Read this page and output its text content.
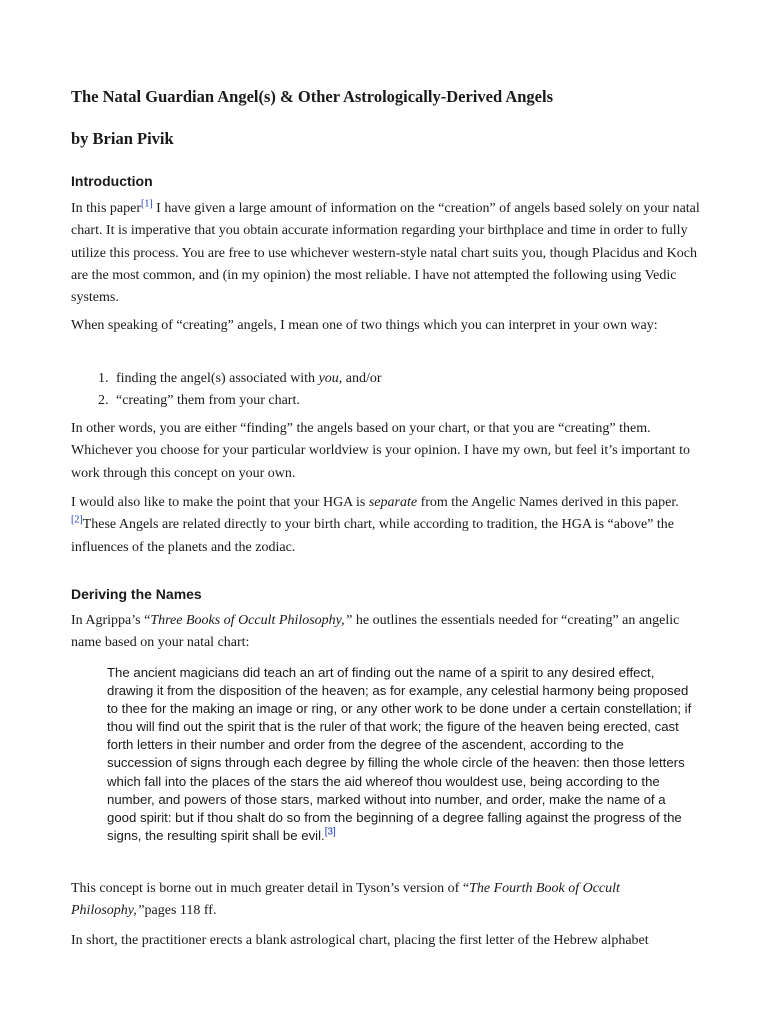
The Natal Guardian Angel(s) & Other Astrologically-Derived Angels
by Brian Pivik
Introduction

In this paper[1] I have given a large amount of information on the “creation” of angels based solely on your natal chart. It is imperative that you obtain accurate information regarding your birthplace and time in order to fully utilize this process. You are free to use whichever western-style natal chart suits you, though Placidus and Koch are the most common, and (in my opinion) the most reliable. I have not attempted the following using Vedic systems.

When speaking of “creating” angels, I mean one of two things which you can interpret in your own way:

1. finding the angel(s) associated with you, and/or
2. “creating” them from your chart.

In other words, you are either “finding” the angels based on your chart, or that you are “creating” them. Whichever you choose for your particular worldview is your opinion. I have my own, but feel it’s important to work through this concept on your own.

I would also like to make the point that your HGA is separate from the Angelic Names derived in this paper.[2]These Angels are related directly to your birth chart, while according to tradition, the HGA is “above” the influences of the planets and the zodiac.

Deriving the Names

In Agrippa’s “Three Books of Occult Philosophy,” he outlines the essentials needed for “creating” an angelic name based on your natal chart:

The ancient magicians did teach an art of finding out the name of a spirit to any desired effect, drawing it from the disposition of the heaven; as for example, any celestial harmony being proposed to thee for the making an image or ring, or any other work to be done under a certain constellation; if thou will find out the spirit that is the ruler of that work; the figure of the heaven being erected, cast forth letters in their number and order from the degree of the ascendent, according to the succession of signs through each degree by filling the whole circle of the heaven: then those letters which fall into the places of the stars the aid whereof thou wouldest use, being according to the number, and powers of those stars, marked without into number, and order, make the name of a good spirit: but if thou shalt do so from the beginning of a degree falling against the progress of the signs, the resulting spirit shall be evil.[3]

This concept is borne out in much greater detail in Tyson’s version of “The Fourth Book of Occult Philosophy,”pages 118 ff.

In short, the practitioner erects a blank astrological chart, placing the first letter of the Hebrew alphabet
